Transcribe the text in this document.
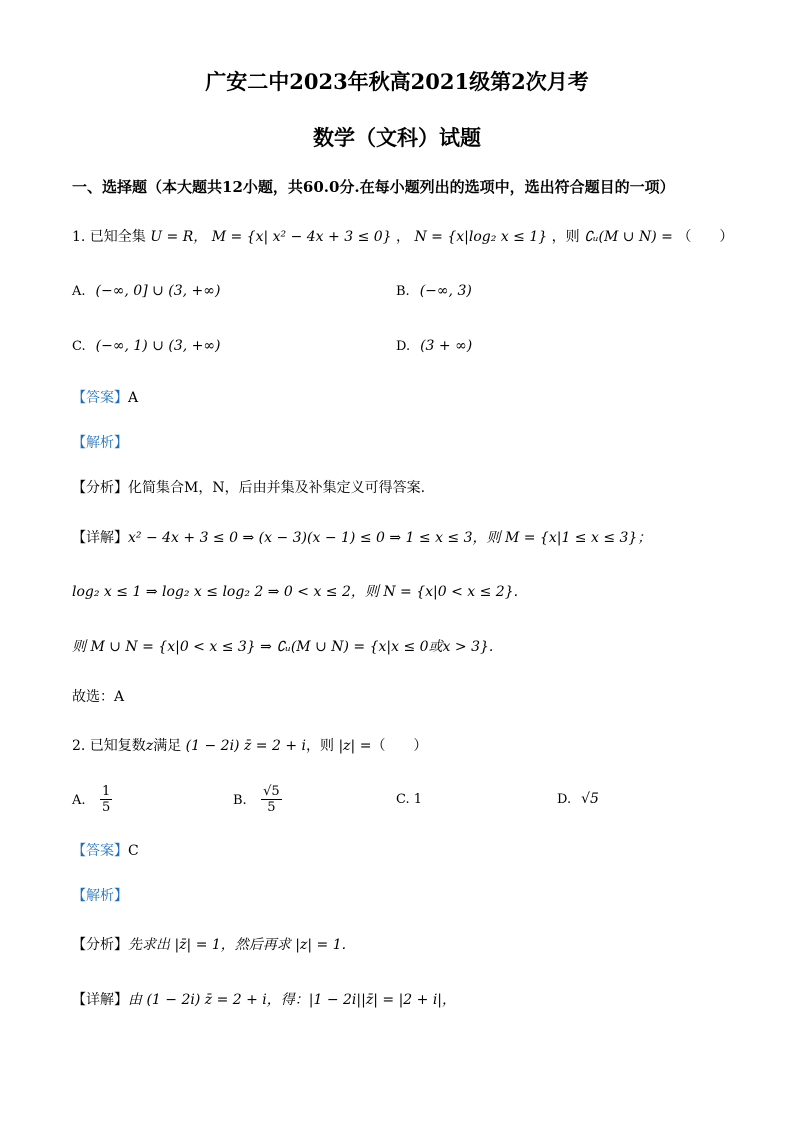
广安二中2023年秋高2021级第2次月考
数学（文科）试题
一、选择题（本大题共12小题，共60.0分.在每小题列出的选项中，选出符合题目的一项）
1. 已知全集 U = R， M = {x| x² − 4x + 3 ≤ 0} ， N = {x|log₂ x ≤ 1} ，则 ∁ᵤ(M ∪ N) = （　　）
A. (−∞, 0] ∪ (3, +∞)	B. (−∞, 3)
C. (−∞, 1) ∪ (3, +∞)	D. (3 + ∞)
【答案】A
【解析】
【分析】化简集合M，N，后由并集及补集定义可得答案.
【详解】x² − 4x + 3 ≤ 0 ⇒ (x − 3)(x − 1) ≤ 0 ⇒ 1 ≤ x ≤ 3，则 M = {x|1 ≤ x ≤ 3}；
log₂ x ≤ 1 ⇒ log₂ x ≤ log₂ 2 ⇒ 0 < x ≤ 2，则 N = {x|0 < x ≤ 2}.
则 M ∪ N = {x|0 < x ≤ 3} ⇒ ∁ᵤ(M ∪ N) = {x|x ≤ 0或x > 3}.
故选：A
2. 已知复数z满足 (1 − 2i) z̄ = 2 + i，则 |z| =（　　）
A. $\frac{1}{5}$	B. $\frac{√5}{5}$	C. 1	D. √5
【答案】C
【解析】
【分析】先求出 |z̄| = 1，然后再求 |z| = 1.
【详解】由 (1 − 2i) z̄ = 2 + i，得：|1 − 2i||z̄| = |2 + i|，
